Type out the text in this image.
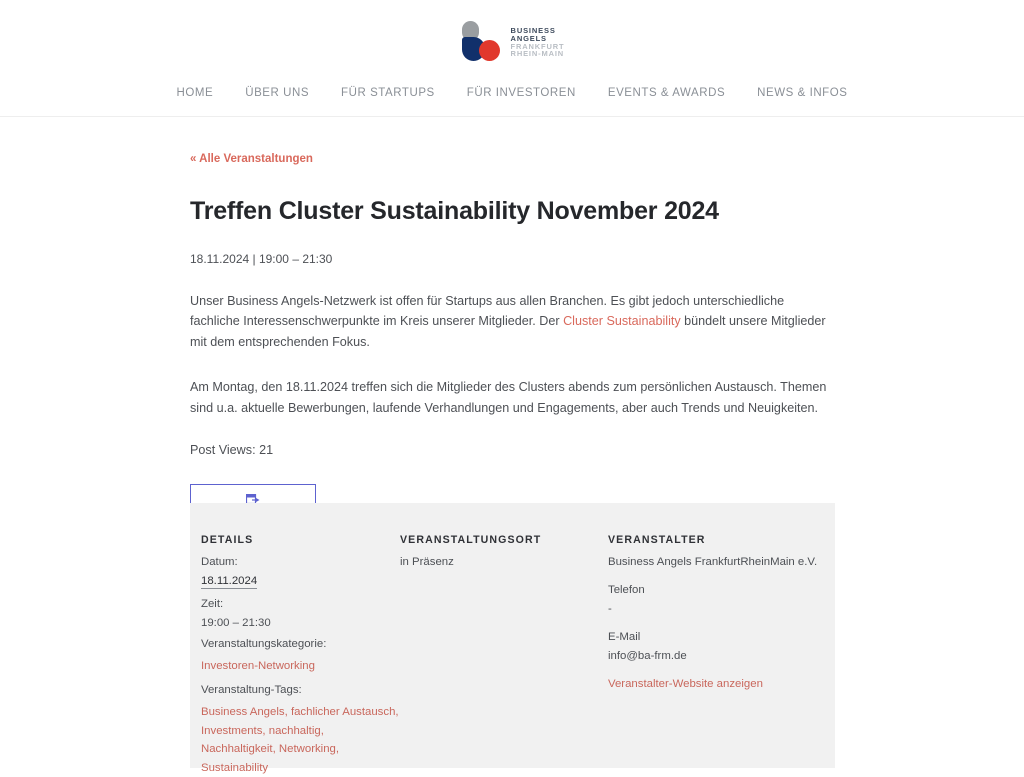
BUSINESS
ANGELS
FRANKFURT
RHEIN-MAIN
HOME	ÜBER UNS	FÜR STARTUPS	FÜR INVESTOREN	EVENTS & AWARDS	NEWS & INFOS
« Alle Veranstaltungen
Treffen Cluster Sustainability November 2024
18.11.2024 | 19:00 – 21:30

Unser Business Angels-Netzwerk ist offen für Startups aus allen Branchen. Es gibt jedoch unterschiedliche fachliche Interessenschwerpunkte im Kreis unserer Mitglieder. Der Cluster Sustainability bündelt unsere Mitglieder mit dem entsprechenden Fokus.

Am Montag, den 18.11.2024 treffen sich die Mitglieder des Clusters abends zum persönlichen Austausch. Themen sind u.a. aktuelle Bewerbungen, laufende Verhandlungen und Engagements, aber auch Trends und Neuigkeiten.

Post Views: 21
DETAILS
Datum:
18.11.2024
Zeit:
19:00 – 21:30
Veranstaltungskategorie:
Investoren-Networking
Veranstaltung-Tags:
Business Angels, fachlicher Austausch, Investments, nachhaltig, Nachhaltigkeit, Networking, Sustainability
VERANSTALTUNGSORT
in Präsenz
VERANSTALTER
Business Angels FrankfurtRheinMain e.V.
Telefon
-
E-Mail
info@ba-frm.de
Veranstalter-Website anzeigen
